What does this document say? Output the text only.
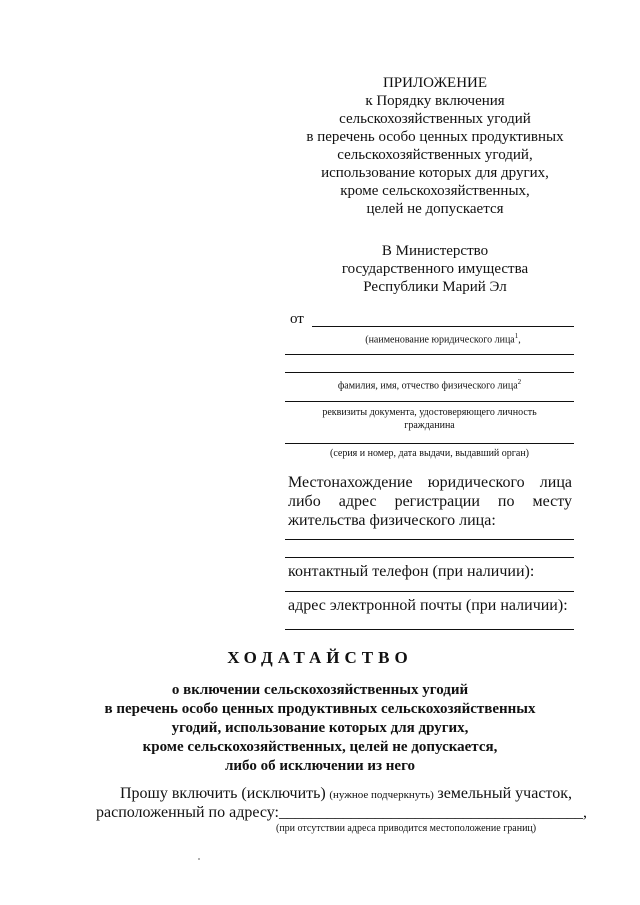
ПРИЛОЖЕНИЕ
к Порядку включения
сельскохозяйственных угодий
в перечень особо ценных продуктивных
сельскохозяйственных угодий,
использование которых для других,
кроме сельскохозяйственных,
целей не допускается
В Министерство
государственного имущества
Республики Марий Эл
от
(наименование юридического лица$^1$,
фамилия, имя, отчество физического лица$^2$
реквизиты документа, удостоверяющего личность
гражданина
(серия и номер, дата выдачи, выдавший орган)
Местонахождение юридического лица
либо адрес регистрации по месту
жительства физического лица:
контактный телефон (при наличии):
адрес электронной почты (при наличии):
ХОДАТАЙСТВО
о включении сельскохозяйственных угодий
в перечень особо ценных продуктивных сельскохозяйственных
угодий, использование которых для других,
кроме сельскохозяйственных, целей не допускается,
либо об исключении из него
Прошу включить (исключить) (нужное подчеркнуть) земельный участок,
расположенный по адресу:______________________________________,
(при отсутствии адреса приводится местоположение границ)
